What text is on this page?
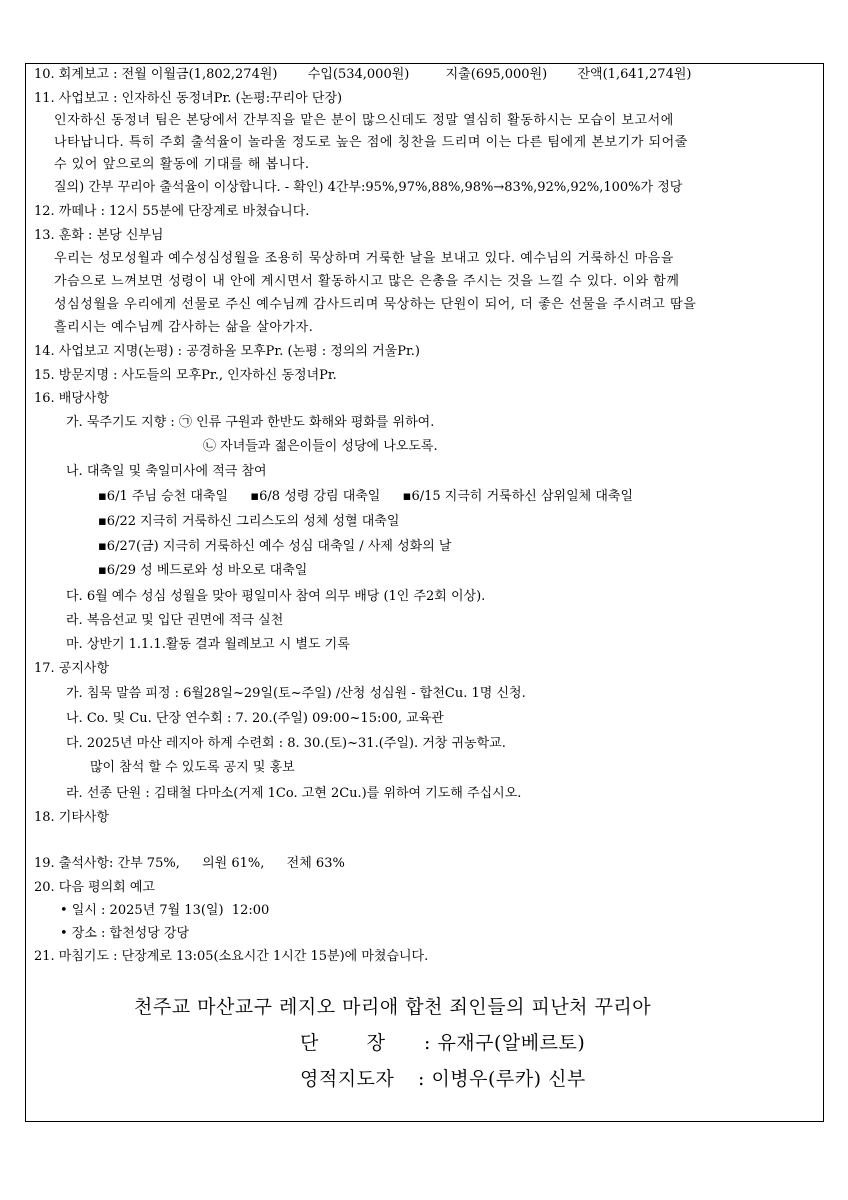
10. 회계보고 : 전월 이월금(1,802,274원) 수입(534,000원)	지출(695,000원) 잔액(1,641,274원)
11. 사업보고 : 인자하신 동정녀Pr. (논평:꾸리아 단장)
인자하신 동정녀 팀은 본당에서 간부직을 맡은 분이 많으신데도 정말 열심히 활동하시는 모습이 보고서에
나타납니다. 특히 주회 출석율이 놀라울 정도로 높은 점에 칭찬을 드리며 이는 다른 팀에게 본보기가 되어줄
수 있어 앞으로의 활동에 기대를 해 봅니다.
질의) 간부 꾸리아 출석율이 이상합니다. - 확인) 4간부:95%,97%,88%,98%→83%,92%,92%,100%가 정당
12. 까떼나 : 12시 55분에 단장계로 바쳤습니다.
13. 훈화 : 본당 신부님
우리는 성모성월과 예수성심성월을 조용히 묵상하며 거룩한 날을 보내고 있다. 예수님의 거룩하신 마음을
가슴으로 느껴보면 성령이 내 안에 계시면서 활동하시고 많은 은총을 주시는 것을 느낄 수 있다. 이와 함께
성심성월을 우리에게 선물로 주신 예수님께 감사드리며 묵상하는 단원이 되어, 더 좋은 선물을 주시려고 땀을
흘리시는 예수님께 감사하는 삶을 살아가자.
14. 사업보고 지명(논평) : 공경하올 모후Pr. (논평 : 정의의 거울Pr.)
15. 방문지명 : 사도들의 모후Pr., 인자하신 동정녀Pr.
16. 배당사항
가. 묵주기도 지향 : ㉠ 인류 구원과 한반도 화해와 평화를 위하여.
㉡ 자녀들과 젊은이들이 성당에 나오도록.
나. 대축일 및 축일미사에 적극 참여
▪6/1 주님 승천 대축일 ▪6/8 성령 강림 대축일 ▪6/15 지극히 거룩하신 삼위일체 대축일
▪6/22 지극히 거룩하신 그리스도의 성체 성혈 대축일
▪6/27(금) 지극히 거룩하신 예수 성심 대축일 / 사제 성화의 날
▪6/29 성 베드로와 성 바오로 대축일
다. 6월 예수 성심 성월을 맞아 평일미사 참여 의무 배당 (1인 주2회 이상).
라. 복음선교 및 입단 권면에 적극 실천
마. 상반기 1.1.1.활동 결과 월례보고 시 별도 기록
17. 공지사항
가. 침묵 말씀 피정 : 6월28일~29일(토~주일) /산청 성심원 - 합천Cu. 1명 신청.
나. Co. 및 Cu. 단장 연수회 : 7. 20.(주일) 09:00~15:00, 교육관
다. 2025년 마산 레지아 하계 수련회 : 8. 30.(토)~31.(주일). 거창 귀농학교.
많이 참석 할 수 있도록 공지 및 홍보
라. 선종 단원 : 김태철 다마소(거제 1Co. 고현 2Cu.)를 위하여 기도해 주십시오.
18. 기타사항
19. 출석사항: 간부 75%, 의원 61%, 전체 63%
20. 다음 평의회 예고
• 일시 : 2025년 7월 13(일)  12:00
• 장소 : 합천성당 강당
21. 마침기도 : 단장계로 13:05(소요시간 1시간 15분)에 마쳤습니다.
천주교 마산교구 레지오 마리애 합천 죄인들의 피난처 꾸리아
단        장 : 유재구(알베르토)
영적지도자 : 이병우(루카) 신부
